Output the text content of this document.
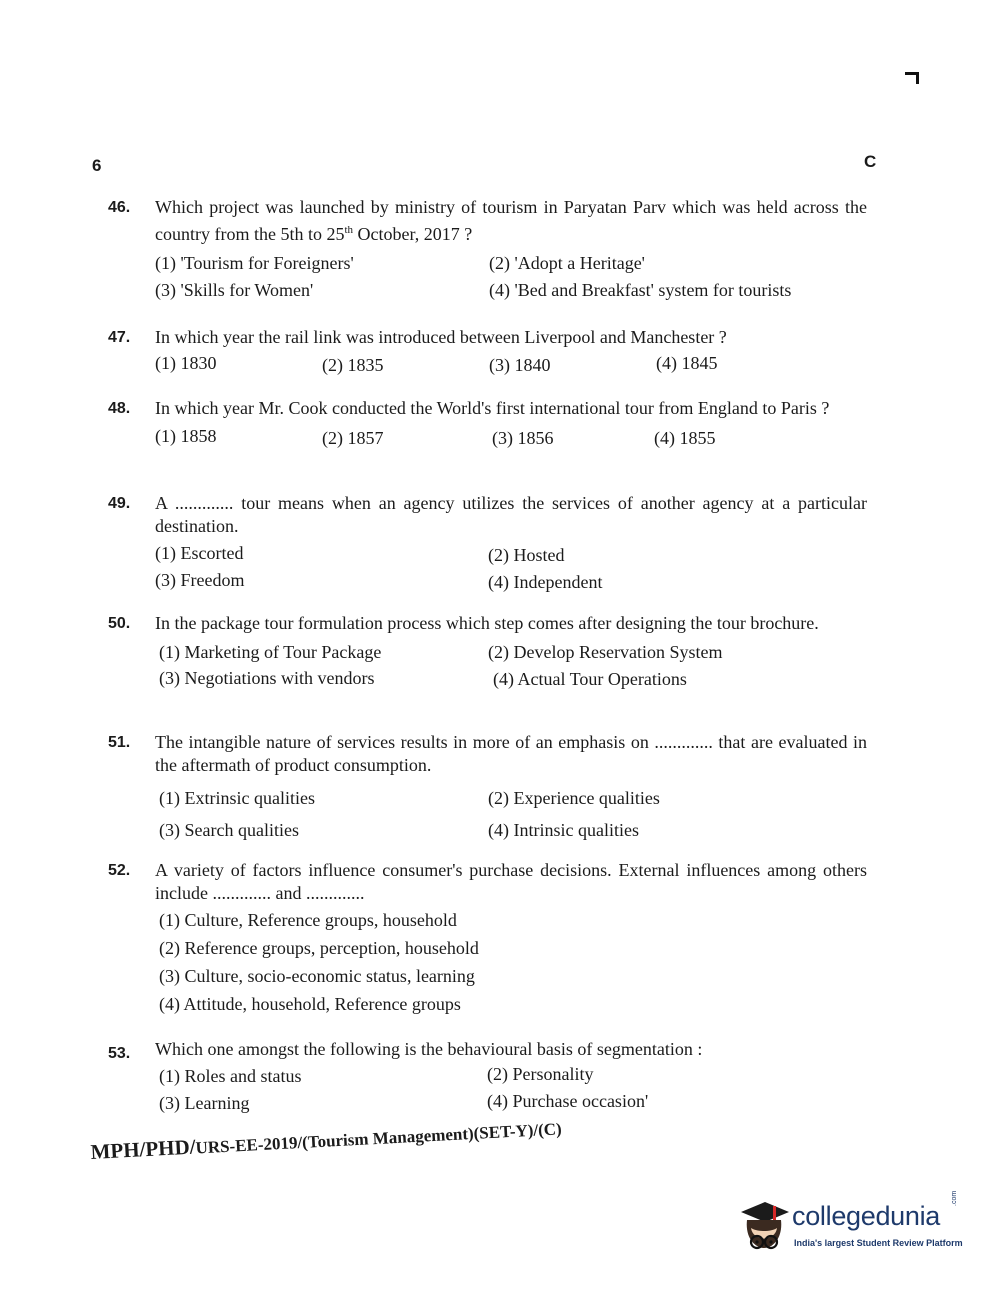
6	C
46. Which project was launched by ministry of tourism in Paryatan Parv which was held across the country from the 5th to 25th October, 2017 ?
(1) 'Tourism for Foreigners'	(2) 'Adopt a Heritage'
(3) 'Skills for Women'	(4) 'Bed and Breakfast' system for tourists
47. In which year the rail link was introduced between Liverpool and Manchester ?
(1) 1830	(2) 1835	(3) 1840	(4) 1845
48. In which year Mr. Cook conducted the World's first international tour from England to Paris ?
(1) 1858	(2) 1857	(3) 1856	(4) 1855
49. A ............. tour means when an agency utilizes the services of another agency at a particular destination.
(1) Escorted	(2) Hosted
(3) Freedom	(4) Independent
50. In the package tour formulation process which step comes after designing the tour brochure.
(1) Marketing of Tour Package	(2) Develop Reservation System
(3) Negotiations with vendors	(4) Actual Tour Operations
51. The intangible nature of services results in more of an emphasis on ............. that are evaluated in the aftermath of product consumption.
(1) Extrinsic qualities	(2) Experience qualities
(3) Search qualities	(4) Intrinsic qualities
52. A variety of factors influence consumer's purchase decisions. External influences among others include ............. and .............
(1) Culture, Reference groups, household
(2) Reference groups, perception, household
(3) Culture, socio-economic status, learning
(4) Attitude, household, Reference groups
53. Which one amongst the following is the behavioural basis of segmentation :
(1) Roles and status	(2) Personality
(3) Learning	(4) Purchase occasion'
MPH/PHD/URS-EE-2019/(Tourism Management)(SET-Y)/(C)
collegedunia
.com
India's largest Student Review Platform
